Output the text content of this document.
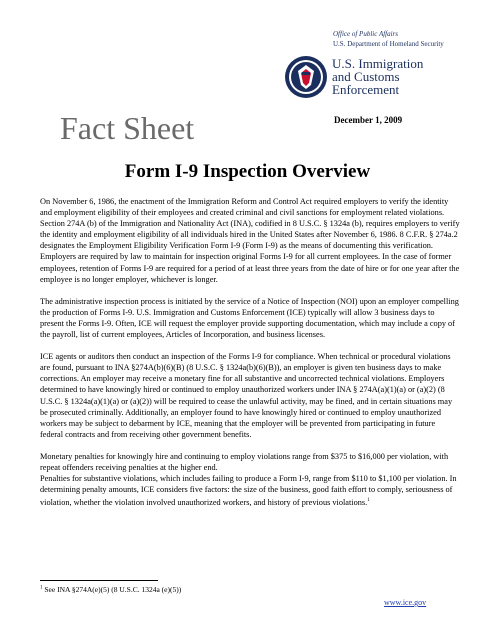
Office of Public Affairs
U.S. Department of Homeland Security
U.S. Immigration
and Customs
Enforcement
December 1, 2009
Fact Sheet
Form I-9 Inspection Overview

On November 6, 1986, the enactment of the Immigration Reform and Control Act required employers to verify the identity and employment eligibility of their employees and created criminal and civil sanctions for employment related violations. Section 274A (b) of the Immigration and Nationality Act (INA), codified in 8 U.S.C. § 1324a (b), requires employers to verify the identity and employment eligibility of all individuals hired in the United States after November 6, 1986. 8 C.F.R. § 274a.2 designates the Employment Eligibility Verification Form I-9 (Form I-9) as the means of documenting this verification. Employers are required by law to maintain for inspection original Forms I-9 for all current employees. In the case of former employees, retention of Forms I-9 are required for a period of at least three years from the date of hire or for one year after the employee is no longer employer, whichever is longer.

The administrative inspection process is initiated by the service of a Notice of Inspection (NOI) upon an employer compelling the production of Forms I-9. U.S. Immigration and Customs Enforcement (ICE) typically will allow 3 business days to present the Forms I-9. Often, ICE will request the employer provide supporting documentation, which may include a copy of the payroll, list of current employees, Articles of Incorporation, and business licenses.

ICE agents or auditors then conduct an inspection of the Forms I-9 for compliance. When technical or procedural violations are found, pursuant to INA §274A(b)(6)(B) (8 U.S.C. § 1324a(b)(6)(B)), an employer is given ten business days to make corrections. An employer may receive a monetary fine for all substantive and uncorrected technical violations. Employers determined to have knowingly hired or continued to employ unauthorized workers under INA § 274A(a)(1)(a) or (a)(2) (8 U.S.C. § 1324a(a)(1)(a) or (a)(2)) will be required to cease the unlawful activity, may be fined, and in certain situations may be prosecuted criminally. Additionally, an employer found to have knowingly hired or continued to employ unauthorized workers may be subject to debarment by ICE, meaning that the employer will be prevented from participating in future federal contracts and from receiving other government benefits.

Monetary penalties for knowingly hire and continuing to employ violations range from $375 to $16,000 per violation, with repeat offenders receiving penalties at the higher end.

Penalties for substantive violations, which includes failing to produce a Form I-9, range from $110 to $1,100 per violation. In determining penalty amounts, ICE considers five factors: the size of the business, good faith effort to comply, seriousness of violation, whether the violation involved unauthorized workers, and history of previous violations.$^1$

$^1$ See INA §274A(e)(5) (8 U.S.C. 1324a (e)(5))
www.ice.gov
